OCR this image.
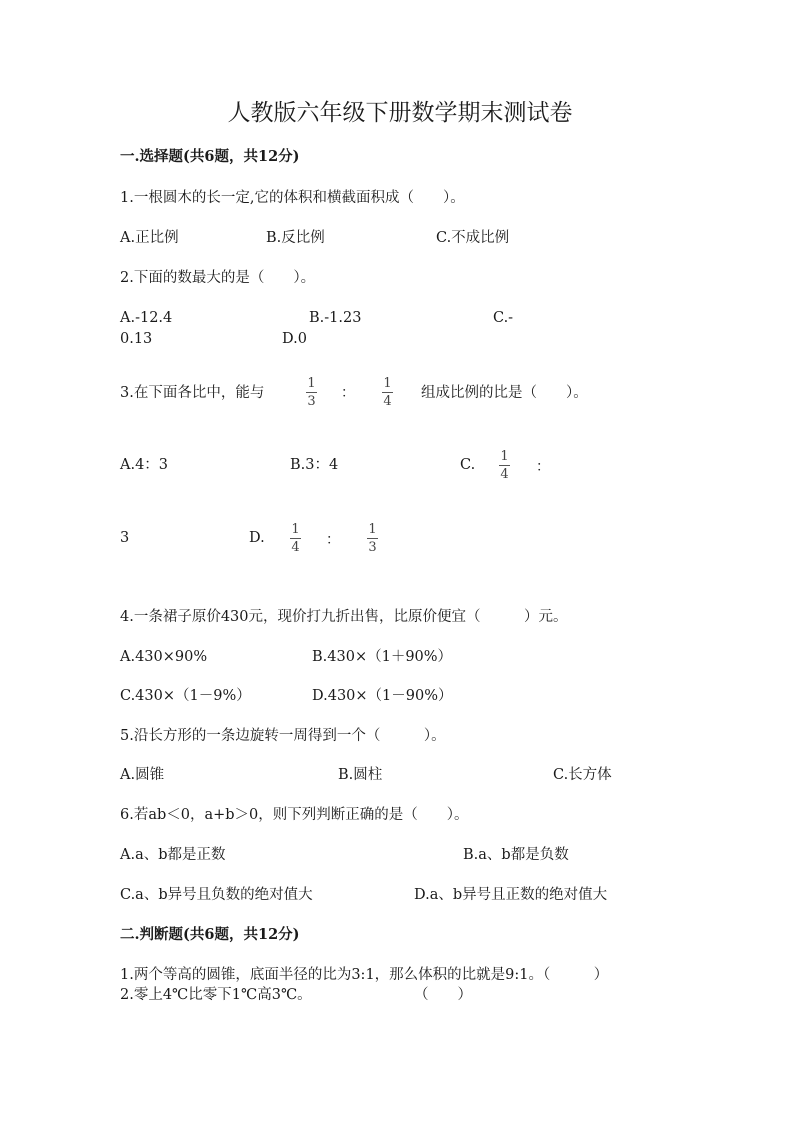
人教版六年级下册数学期末测试卷
一.选择题(共6题，共12分)
1.一根圆木的长一定,它的体积和横截面积成（　　）。
A.正比例	B.反比例	C.不成比例
2.下面的数最大的是（　　）。
A.-12.4	B.-1.23	C.-
0.13	D.0
3.在下面各比中，能与
1
3
：
1
4
组成比例的比是（　　）。
A.4：3	B.3：4	C.
1
4 ：
3	D.
1
4 ：
1
3
4.一条裙子原价430元，现价打九折出售，比原价便宜（　　　）元。
A.430×90%	B.430×（1＋90%）
C.430×（1－9%）	D.430×（1－90%）
5.沿长方形的一条边旋转一周得到一个（　　　）。
A.圆锥	B.圆柱	C.长方体
6.若ab＜0，a+b＞0，则下列判断正确的是（　　）。
A.a、b都是正数	B.a、b都是负数
C.a、b异号且负数的绝对值大	D.a、b异号且正数的绝对值大
二.判断题(共6题，共12分)
1.两个等高的圆锥，底面半径的比为3:1，那么体积的比就是9:1。（　　　）
2.零上4℃比零下1℃高3℃。	（　　）
